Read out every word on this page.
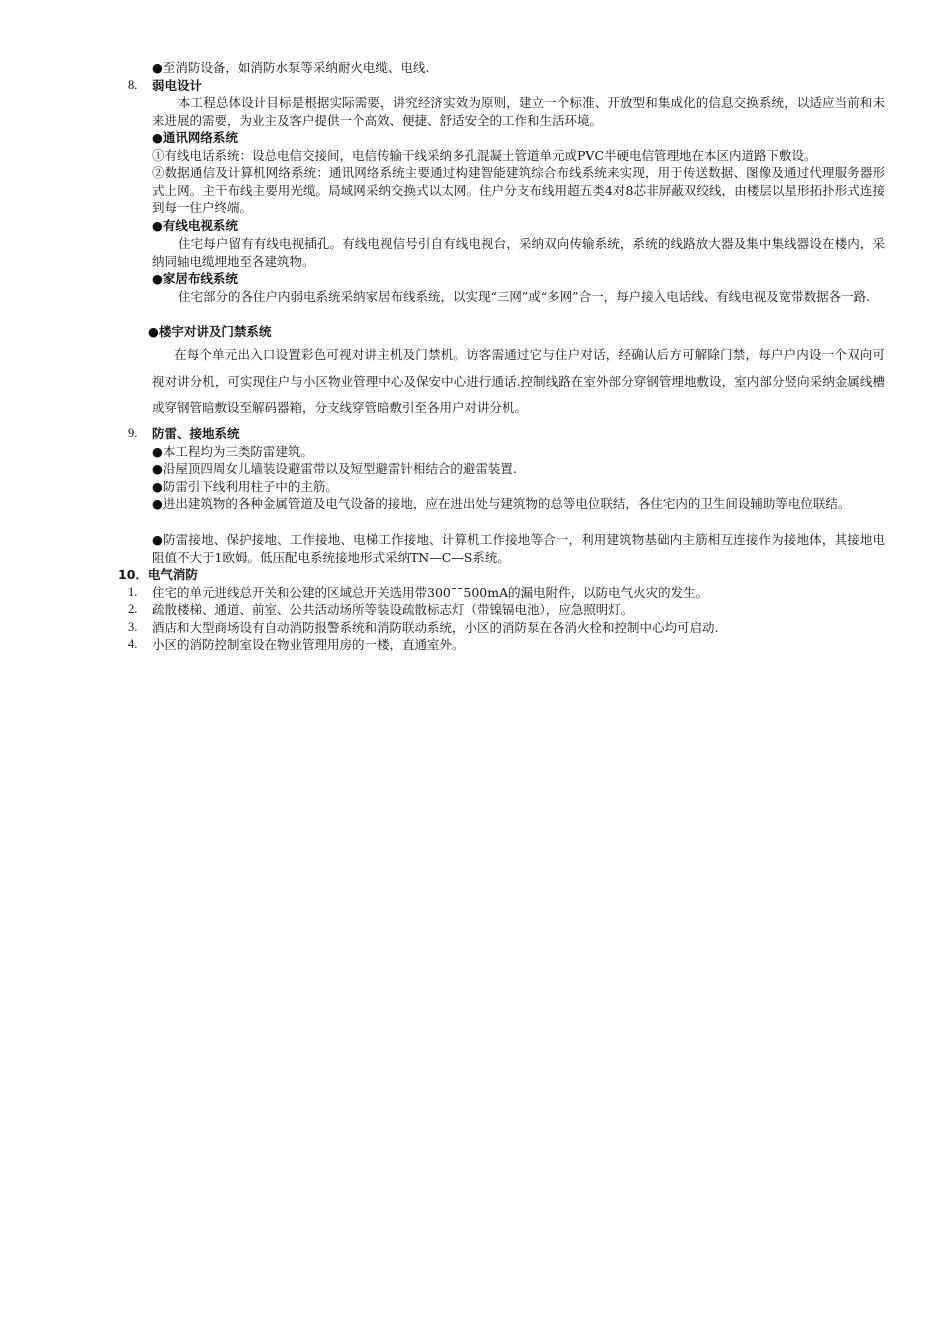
●至消防设备，如消防水泵等采纳耐火电缆、电线.
8. 弱电设计
本工程总体设计目标是根据实际需要，讲究经济实效为原则，建立一个标准、开放型和集成化的信息交换系统，以适应当前和未来进展的需要，为业主及客户提供一个高效、便捷、舒适安全的工作和生活环境。
●通讯网络系统
①有线电话系统：设总电信交接间，电信传输干线采纳多孔混凝土管道单元或PVC半硬电信管理地在本区内道路下敷设。
②数据通信及计算机网络系统：通讯网络系统主要通过构建智能建筑综合布线系统来实现，用于传送数据、图像及通过代理服务器形式上网。主干布线主要用光缆。局域网采纳交换式以太网。住户分支布线用超五类4对8芯非屏蔽双绞线，由楼层以星形拓扑形式连接到每一住户终端。
●有线电视系统
住宅每户留有有线电视插孔。有线电视信号引自有线电视台，采纳双向传输系统，系统的线路放大器及集中集线器设在楼内，采纳同轴电缆埋地至各建筑物。
●家居布线系统
住宅部分的各住户内弱电系统采纳家居布线系统，以实现“三网”或“多网”合一，每户接入电话线、有线电视及宽带数据各一路.
●楼宇对讲及门禁系统
在每个单元出入口设置彩色可视对讲主机及门禁机。访客需通过它与住户对话，经确认后方可解除门禁，每户户内设一个双向可视对讲分机，可实现住户与小区物业管理中心及保安中心进行通话.控制线路在室外部分穿钢管埋地敷设，室内部分竖向采纳金属线槽或穿钢管暗敷设至解码器箱，分支线穿管暗敷引至各用户对讲分机。
9. 防雷、接地系统
●本工程均为三类防雷建筑。
●沿屋顶四周女儿墙装设避雷带以及短型避雷针相结合的避雷装置.
●防雷引下线利用柱子中的主筋。
●进出建筑物的各种金属管道及电气设备的接地，应在进出处与建筑物的总等电位联结，各住宅内的卫生间设辅助等电位联结。
●防雷接地、保护接地、工作接地、电梯工作接地、计算机工作接地等合一，利用建筑物基础内主筋相互连接作为接地体，其接地电阻值不大于1欧姆。低压配电系统接地形式采纳TN—C—S系统。
10．电气消防
1. 住宅的单元进线总开关和公建的区域总开关选用带300¯¯500mA的漏电附件，以防电气火灾的发生。
2. 疏散楼梯、通道、前室、公共活动场所等装设疏散标志灯（带镍镉电池），应急照明灯。
3. 酒店和大型商场设有自动消防报警系统和消防联动系统，小区的消防泵在各消火栓和控制中心均可启动.
4. 小区的消防控制室设在物业管理用房的一楼，直通室外。
